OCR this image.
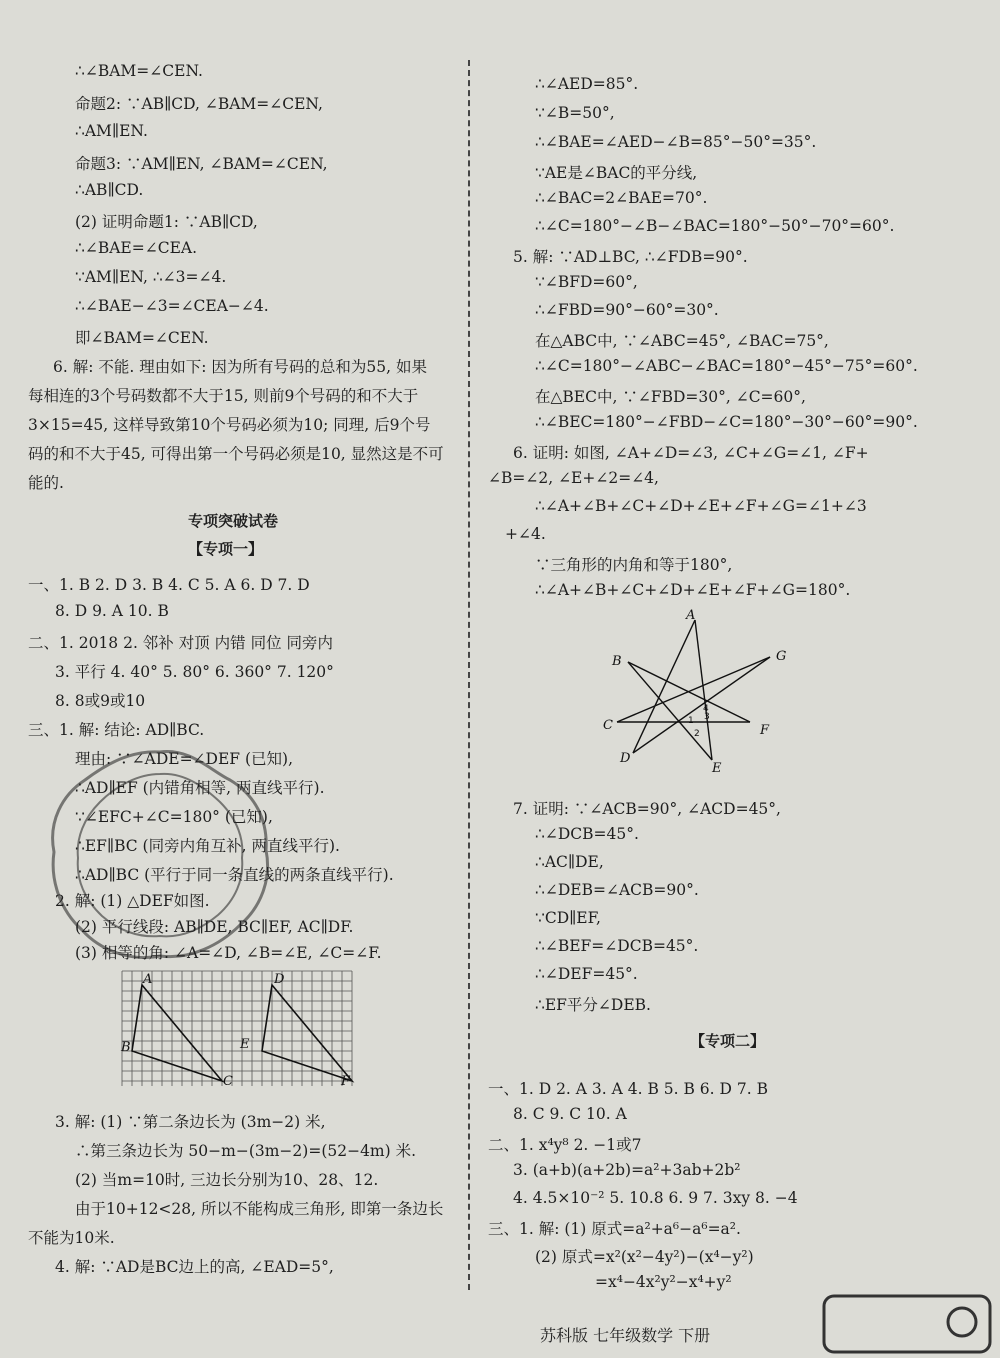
∴∠BAM=∠CEN.
命题2: ∵AB∥CD, ∠BAM=∠CEN,
∴AM∥EN.
命题3: ∵AM∥EN, ∠BAM=∠CEN,
∴AB∥CD.
(2) 证明命题1: ∵AB∥CD,
∴∠BAE=∠CEA.
∵AM∥EN, ∴∠3=∠4.
∴∠BAE−∠3=∠CEA−∠4.
即∠BAM=∠CEN.
6. 解: 不能. 理由如下: 因为所有号码的总和为55, 如果
每相连的3个号码数都不大于15, 则前9个号码的和不大于
3×15=45, 这样导致第10个号码必须为10; 同理, 后9个号
码的和不大于45, 可得出第一个号码必须是10, 显然这是不可
能的.
一、1. B 2. D 3. B 4. C 5. A 6. D 7. D
8. D 9. A 10. B
二、1. 2018 2. 邻补 对顶 内错 同位 同旁内
3. 平行 4. 40° 5. 80° 6. 360° 7. 120°
8. 8或9或10
三、1. 解: 结论: AD∥BC.
理由: ∵∠ADE=∠DEF (已知),
∴AD∥EF (内错角相等, 两直线平行).
∵∠EFC+∠C=180° (已知),
∴EF∥BC (同旁内角互补, 两直线平行).
∴AD∥BC (平行于同一条直线的两条直线平行).
2. 解: (1) △DEF如图.
(2) 平行线段: AB∥DE, BC∥EF, AC∥DF.
(3) 相等的角: ∠A=∠D, ∠B=∠E, ∠C=∠F.
3. 解: (1) ∵第二条边长为 (3m−2) 米,
∴第三条边长为 50−m−(3m−2)=(52−4m) 米.
(2) 当m=10时, 三边长分别为10、28、12.
由于10+12<28, 所以不能构成三角形, 即第一条边长
不能为10米.
4. 解: ∵AD是BC边上的高, ∠EAD=5°,
专项突破试卷
【专项一】
∴∠AED=85°.
∵∠B=50°,
∴∠BAE=∠AED−∠B=85°−50°=35°.
∵AE是∠BAC的平分线,
∴∠BAC=2∠BAE=70°.
∴∠C=180°−∠B−∠BAC=180°−50°−70°=60°.
5. 解: ∵AD⊥BC, ∴∠FDB=90°.
∵∠BFD=60°,
∴∠FBD=90°−60°=30°.
在△ABC中, ∵∠ABC=45°, ∠BAC=75°,
∴∠C=180°−∠ABC−∠BAC=180°−45°−75°=60°.
在△BEC中, ∵∠FBD=30°, ∠C=60°,
∴∠BEC=180°−∠FBD−∠C=180°−30°−60°=90°.
6. 证明: 如图, ∠A+∠D=∠3, ∠C+∠G=∠1, ∠F+
∠B=∠2, ∠E+∠2=∠4,
∴∠A+∠B+∠C+∠D+∠E+∠F+∠G=∠1+∠3
+∠4.
∵三角形的内角和等于180°,
∴∠A+∠B+∠C+∠D+∠E+∠F+∠G=180°.
7. 证明: ∵∠ACB=90°, ∠ACD=45°,
∴∠DCB=45°.
∴AC∥DE,
∴∠DEB=∠ACB=90°.
∵CD∥EF,
∴∠BEF=∠DCB=45°.
∴∠DEF=45°.
∴EF平分∠DEB.
一、1. D 2. A 3. A 4. B 5. B 6. D 7. B
8. C 9. C 10. A
二、1. x⁴y⁸ 2. −1或7
3. (a+b)(a+2b)=a²+3ab+2b²
4. 4.5×10⁻² 5. 10.8 6. 9 7. 3xy 8. −4
三、1. 解: (1) 原式=a²+a⁶−a⁶=a².
(2) 原式=x²(x²−4y²)−(x⁴−y²)
=x⁴−4x²y²−x⁴+y²
【专项二】
A
B
C
D
E
F
A
B	G
C	F
D
E
1
2
3
4
苏科版 七年级数学 下册
